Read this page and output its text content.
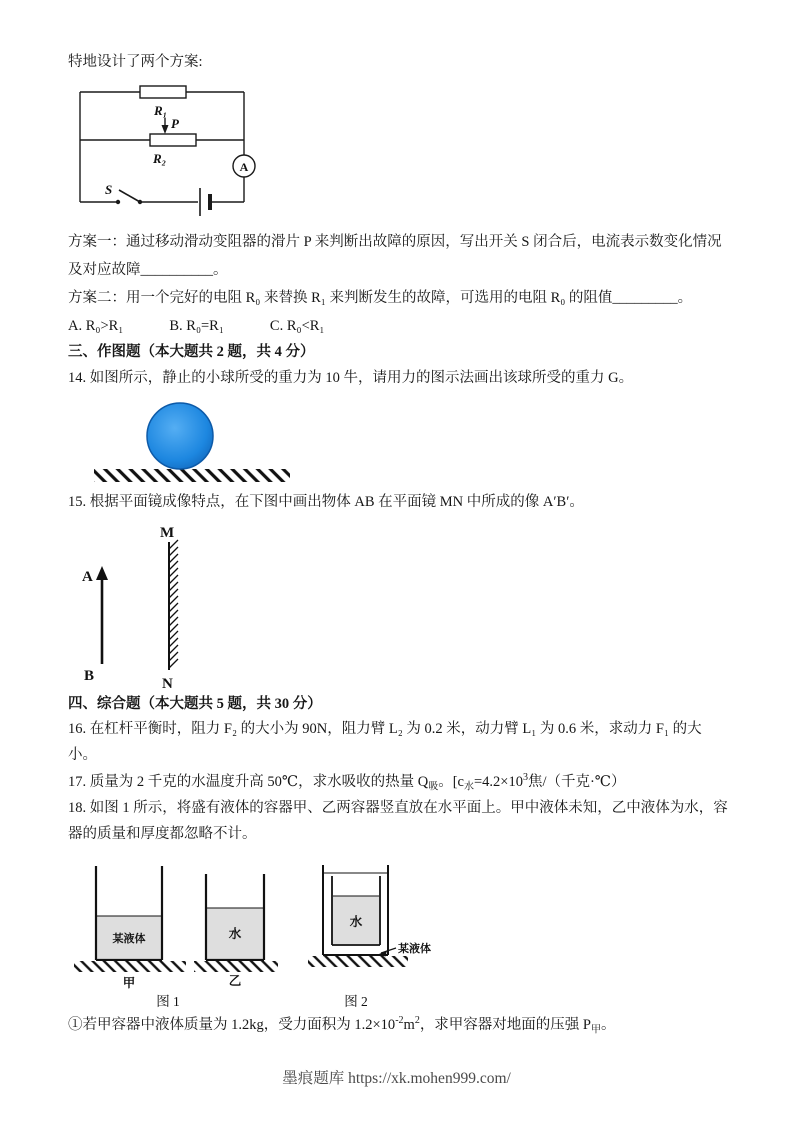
特地设计了两个方案:

R₁
P
R₂
A
S

方案一：通过移动滑动变阻器的滑片 P 来判断出故障的原因，写出开关 S 闭合后，电流表示数变化情况及对应故障__________。

方案二：用一个完好的电阻 R₀ 来替换 R₁ 来判断发生的故障，可选用的电阻 R₀ 的阻值_________。

A. R₀>R₁	B. R₀=R₁	C. R₀<R₁

三、作图题（本大题共 2 题，共 4 分）

14. 如图所示，静止的小球所受的重力为 10 牛，请用力的图示法画出该球所受的重力 G。

15. 根据平面镜成像特点，在下图中画出物体 AB 在平面镜 MN 中所成的像 A′B′。

M
N
A
B

四、综合题（本大题共 5 题，共 30 分）

16. 在杠杆平衡时，阻力 F₂ 的大小为 90N，阻力臂 L₂ 为 0.2 米，动力臂 L₁ 为 0.6 米，求动力 F₁ 的大小。

17. 质量为 2 千克的水温度升高 50℃，求水吸收的热量 $Q_吸$。[$c_水=4.2\times 10^3$焦/（千克·℃）

18. 如图 1 所示，将盛有液体的容器甲、乙两容器竖直放在水平面上。甲中液体未知，乙中液体为水，容器的质量和厚度都忽略不计。

某液体
甲
水
乙
图 1
水
某液体
图 2

①若甲容器中液体质量为 1.2kg，受力面积为 $1.2\times 10^{-2}m^2$，求甲容器对地面的压强 $P_甲$。

墨痕题库 https://xk.mohen999.com/
